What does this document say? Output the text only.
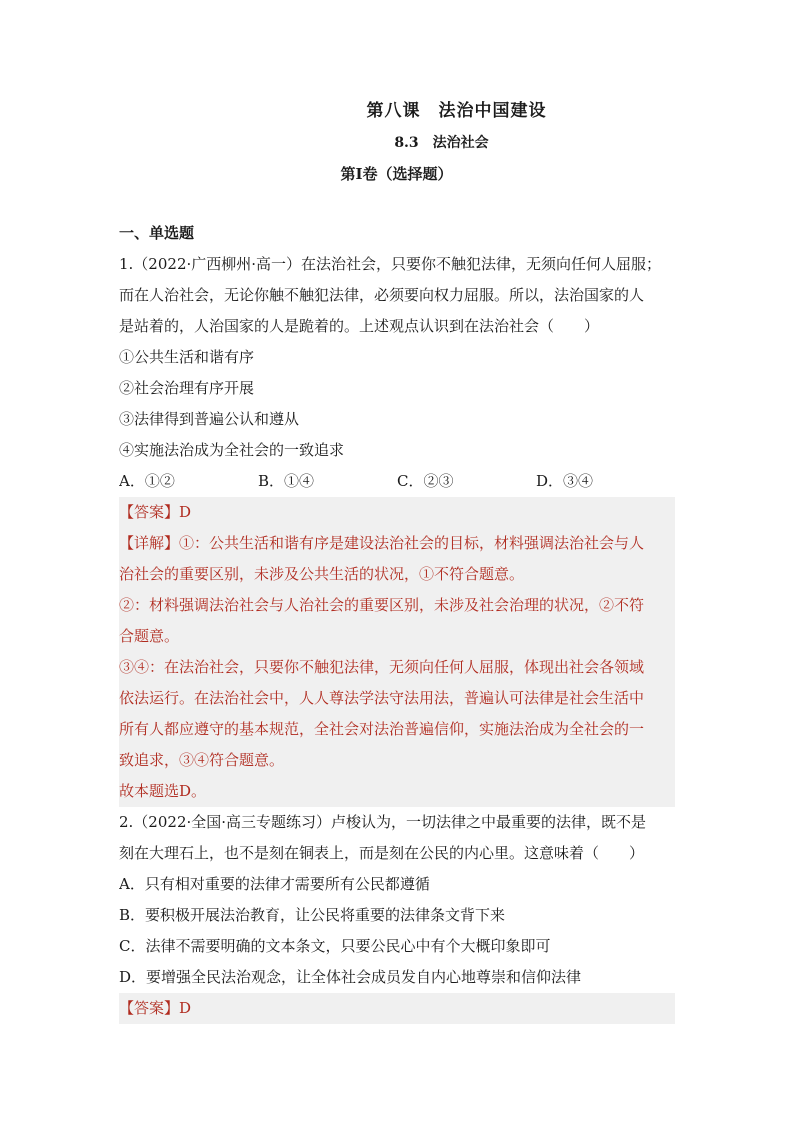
第八课　法治中国建设
8.3　法治社会
第Ⅰ卷（选择题）
一、单选题
1.（2022·广西柳州·高一）在法治社会，只要你不触犯法律，无须向任何人屈服；
而在人治社会，无论你触不触犯法律，必须要向权力屈服。所以，法治国家的人
是站着的，人治国家的人是跪着的。上述观点认识到在法治社会（　　）
①公共生活和谐有序
②社会治理有序开展
③法律得到普遍公认和遵从
④实施法治成为全社会的一致追求
A．①②	B．①④	C．②③	D．③④
【答案】D
【详解】①：公共生活和谐有序是建设法治社会的目标，材料强调法治社会与人
治社会的重要区别，未涉及公共生活的状况，①不符合题意。
②：材料强调法治社会与人治社会的重要区别，未涉及社会治理的状况，②不符
合题意。
③④：在法治社会，只要你不触犯法律，无须向任何人屈服，体现出社会各领域
依法运行。在法治社会中，人人尊法学法守法用法，普遍认可法律是社会生活中
所有人都应遵守的基本规范，全社会对法治普遍信仰，实施法治成为全社会的一
致追求，③④符合题意。
故本题选D。
2.（2022·全国·高三专题练习）卢梭认为，一切法律之中最重要的法律，既不是
刻在大理石上，也不是刻在铜表上，而是刻在公民的内心里。这意味着（　　）
A．只有相对重要的法律才需要所有公民都遵循
B．要积极开展法治教育，让公民将重要的法律条文背下来
C．法律不需要明确的文本条文，只要公民心中有个大概印象即可
D．要增强全民法治观念，让全体社会成员发自内心地尊崇和信仰法律
【答案】D
